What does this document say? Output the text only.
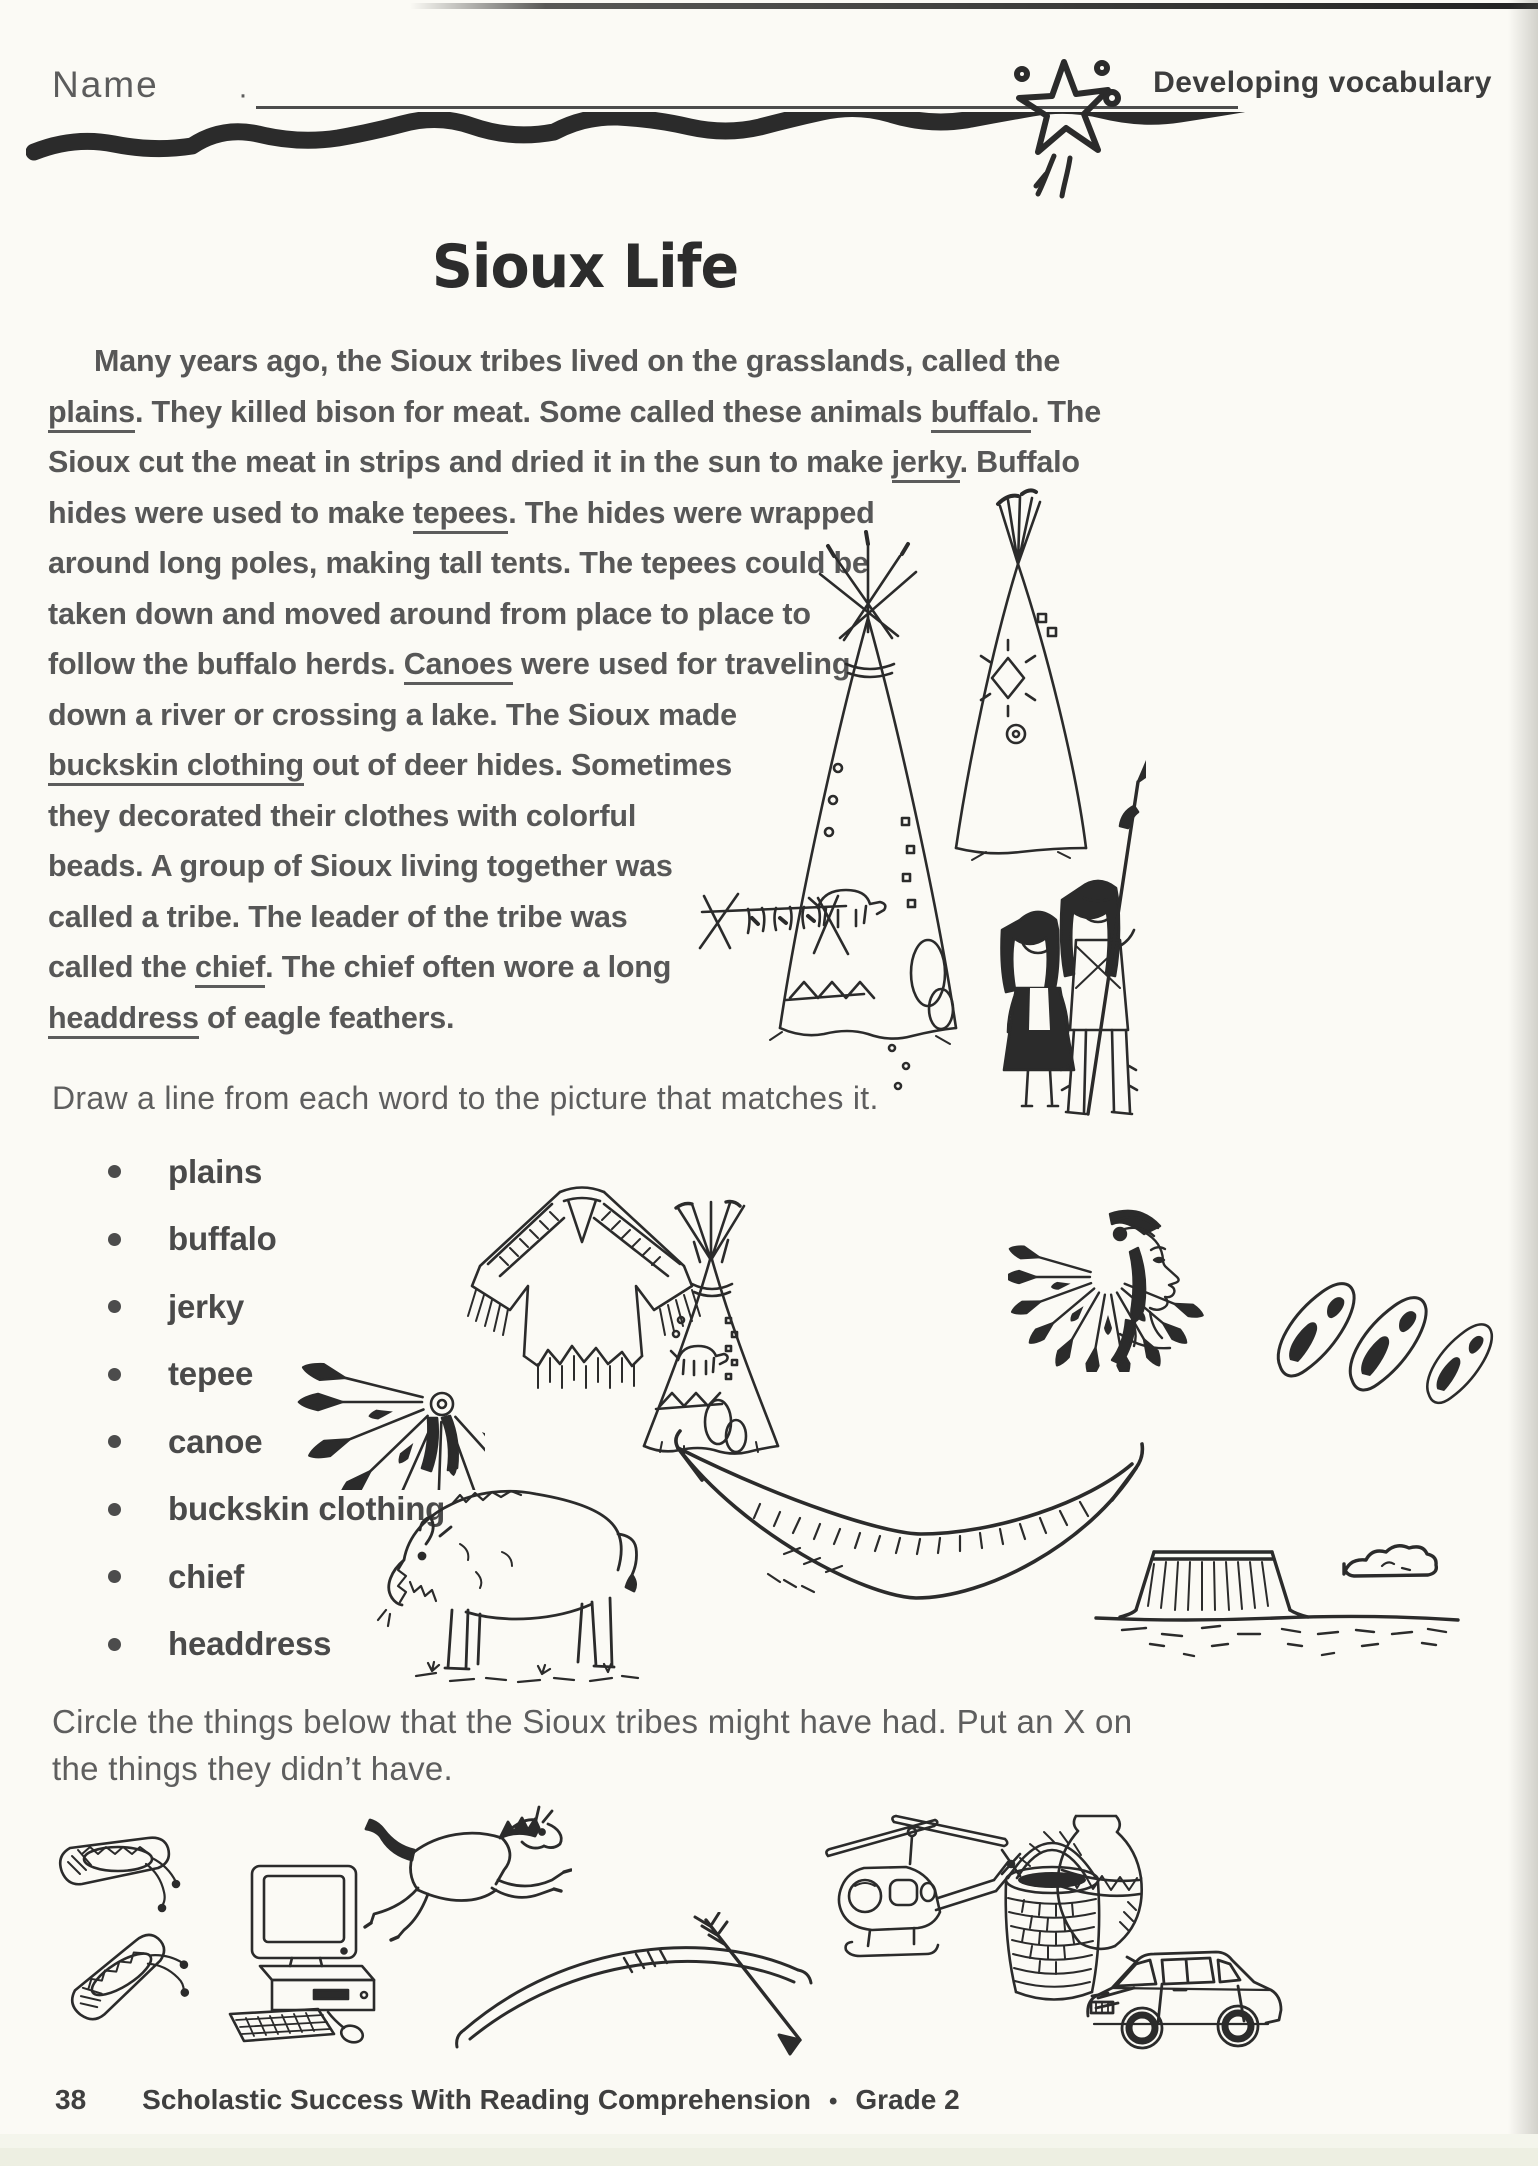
Name	·	Developing vocabulary
Sioux Life
Many years ago, the Sioux tribes lived on the grasslands, called the
plains. They killed bison for meat. Some called these animals buffalo. The
Sioux cut the meat in strips and dried it in the sun to make jerky. Buffalo
hides were used to make tepees. The hides were wrapped
around long poles, making tall tents. The tepees could be
taken down and moved around from place to place to
follow the buffalo herds. Canoes were used for traveling
down a river or crossing a lake. The Sioux made
buckskin clothing out of deer hides. Sometimes
they decorated their clothes with colorful
beads. A group of Sioux living together was
called a tribe. The leader of the tribe was
called the chief. The chief often wore a long
headdress of eagle feathers.
Draw a line from each word to the picture that matches it.
plains
buffalo
jerky
tepee
canoe
buckskin clothing
chief
headdress
Circle the things below that the Sioux tribes might have had. Put an X on
the things they didn’t have.
38 Scholastic Success With Reading Comprehension • Grade 2
